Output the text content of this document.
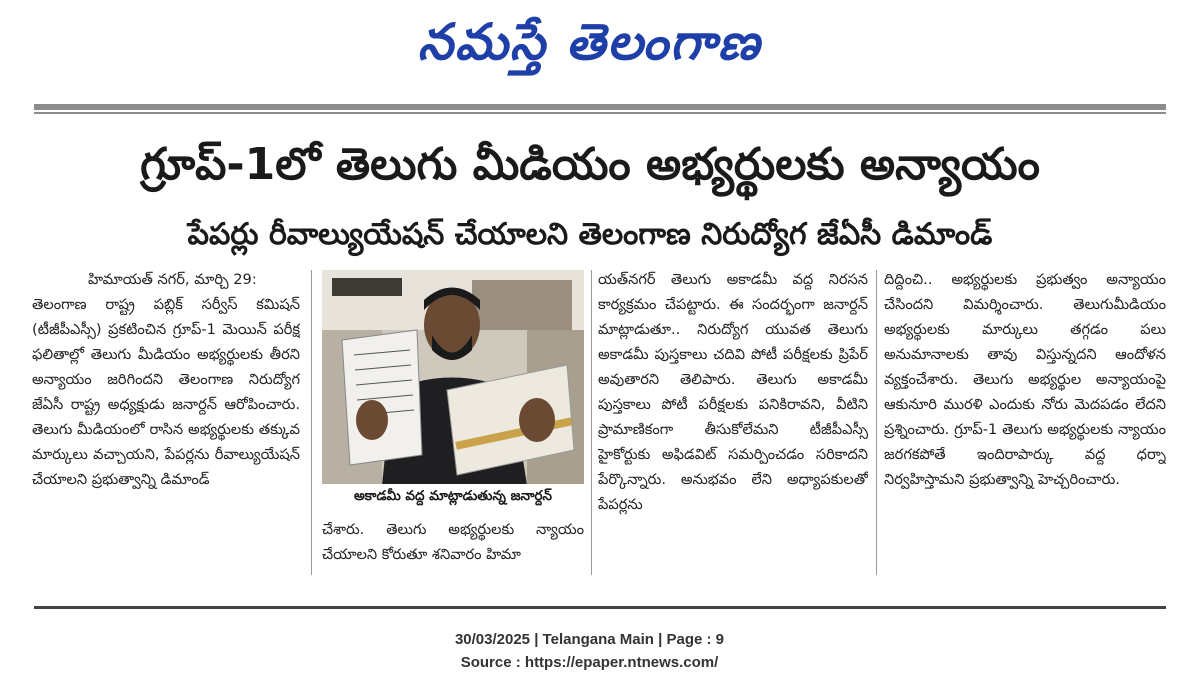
నమస్తే తెలంగాణ
గ్రూప్‌-1లో తెలుగు మీడియం అభ్యర్థులకు అన్యాయం
పేపర్లు రీవాల్యుయేషన్‌ చేయాలని తెలంగాణ నిరుద్యోగ జేఏసీ డిమాండ్‌

హిమాయత్‌ నగర్‌, మార్చి 29:

తెలంగాణ రాష్ట్ర పబ్లిక్‌ సర్వీస్‌ కమిషన్‌ (టీజీపీఎస్సీ) ప్రకటించిన గ్రూప్‌-1 మెయిన్‌ పరీక్ష ఫలితాల్లో తెలుగు మీడియం అభ్యర్థులకు తీరని అన్యాయం జరిగిందని తెలంగాణ నిరుద్యోగ జేఏసీ రాష్ట్ర అధ్యక్షుడు జనార్దన్‌ ఆరోపించారు. తెలుగు మీడియంలో రాసిన అభ్యర్థులకు తక్కువ మార్కులు వచ్చాయని, పేపర్లను రీవాల్యుయేషన్‌ చేయాలని ప్రభుత్వాన్ని డిమాండ్‌

అకాడమీ వద్ద మాట్లాడుతున్న జనార్దన్‌

చేశారు. తెలుగు అభ్యర్థులకు న్యాయం చేయాలని కోరుతూ శనివారం హిమా

యత్‌నగర్‌ తెలుగు అకాడమీ వద్ద నిరసన కార్యక్రమం చేపట్టారు. ఈ సందర్భంగా జనార్దన్‌ మాట్లాడుతూ.. నిరుద్యోగ యువత తెలుగు అకాడమీ పుస్తకాలు చదివి పోటీ పరీక్షలకు ప్రిపేర్‌ అవుతారని తెలిపారు. తెలుగు అకాడమీ పుస్తకాలు పోటీ పరీక్షలకు పనికిరావని, వీటిని ప్రామాణికంగా తీసుకోలేమని టీజీపీఎస్సీ హైకోర్టుకు అఫిడవిట్‌ సమర్పించడం సరికాదని పేర్కొన్నారు. అనుభవం లేని అధ్యాపకులతో పేపర్లను

దిద్దించి.. అభ్యర్థులకు ప్రభుత్వం అన్యాయం చేసిందని విమర్శించారు. తెలుగుమీడియం అభ్యర్థులకు మార్కులు తగ్గడం పలు అనుమానాలకు తావు విస్తున్నదని ఆందోళన వ్యక్తంచేశారు. తెలుగు అభ్యర్థుల అన్యాయంపై ఆకునూరి మురళి ఎందుకు నోరు మెదపడం లేదని ప్రశ్నించారు. గ్రూప్‌-1 తెలుగు అభ్యర్థులకు న్యాయం జరగకపోతే ఇందిరాపార్కు వద్ద ధర్నా నిర్వహిస్తామని ప్రభుత్వాన్ని హెచ్చరించారు.

30/03/2025 | Telangana Main | Page : 9
Source : https://epaper.ntnews.com/
